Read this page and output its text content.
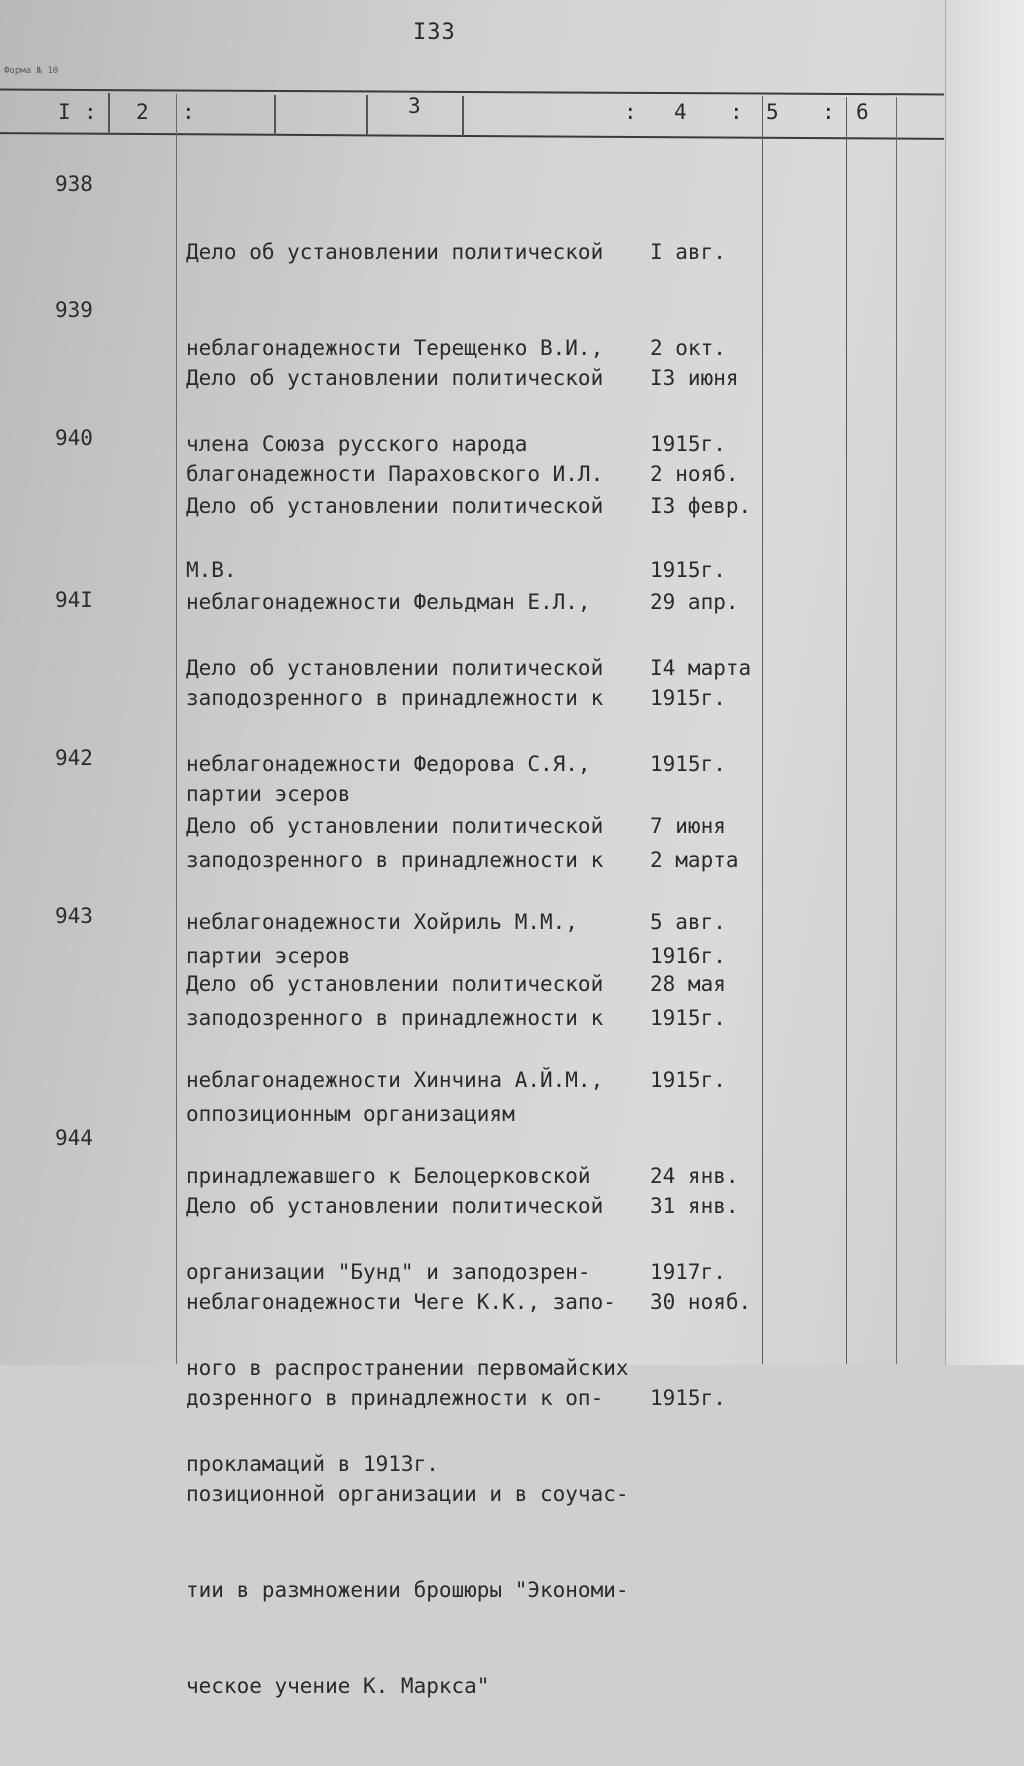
I33
Форма № 10
I : 2 :	3	: 4 : 5 : 6
938

Дело об установлении политической

неблагонадежности Терещенко В.И.,

члена Союза русского народа

I авг.

2 окт.

1915г.

939

Дело об установлении политической

благонадежности Параховского И.Л.

М.В.

I3 июня

2 нояб.

1915г.

940

Дело об установлении политической

неблагонадежности Фельдман Е.Л.,

заподозренного в принадлежности к

партии эсеров

I3 февр.

29 апр.

1915г.

94I

Дело об установлении политической

неблагонадежности Федорова С.Я.,

заподозренного в принадлежности к

партии эсеров

I4 марта

1915г.

2 марта

1916г.

942

Дело об установлении политической

неблагонадежности Хойриль М.М.,

заподозренного в принадлежности к

оппозиционным организациям

7 июня

5 авг.

1915г.

943

Дело об установлении политической

неблагонадежности Хинчина А.Й.М.,

принадлежавшего к Белоцерковской

организации "Бунд" и заподозрен-

ного в распространении первомайских

прокламаций в 1913г.

28 мая

1915г.

24 янв.

1917г.

944

Дело об установлении политической

неблагонадежности Чеге К.К., запо-

дозренного в принадлежности к оп-

позиционной организации и в соучас-

тии в размножении брошюры "Экономи-

ческое учение К. Маркса"

31 янв.

30 нояб.

1915г.
